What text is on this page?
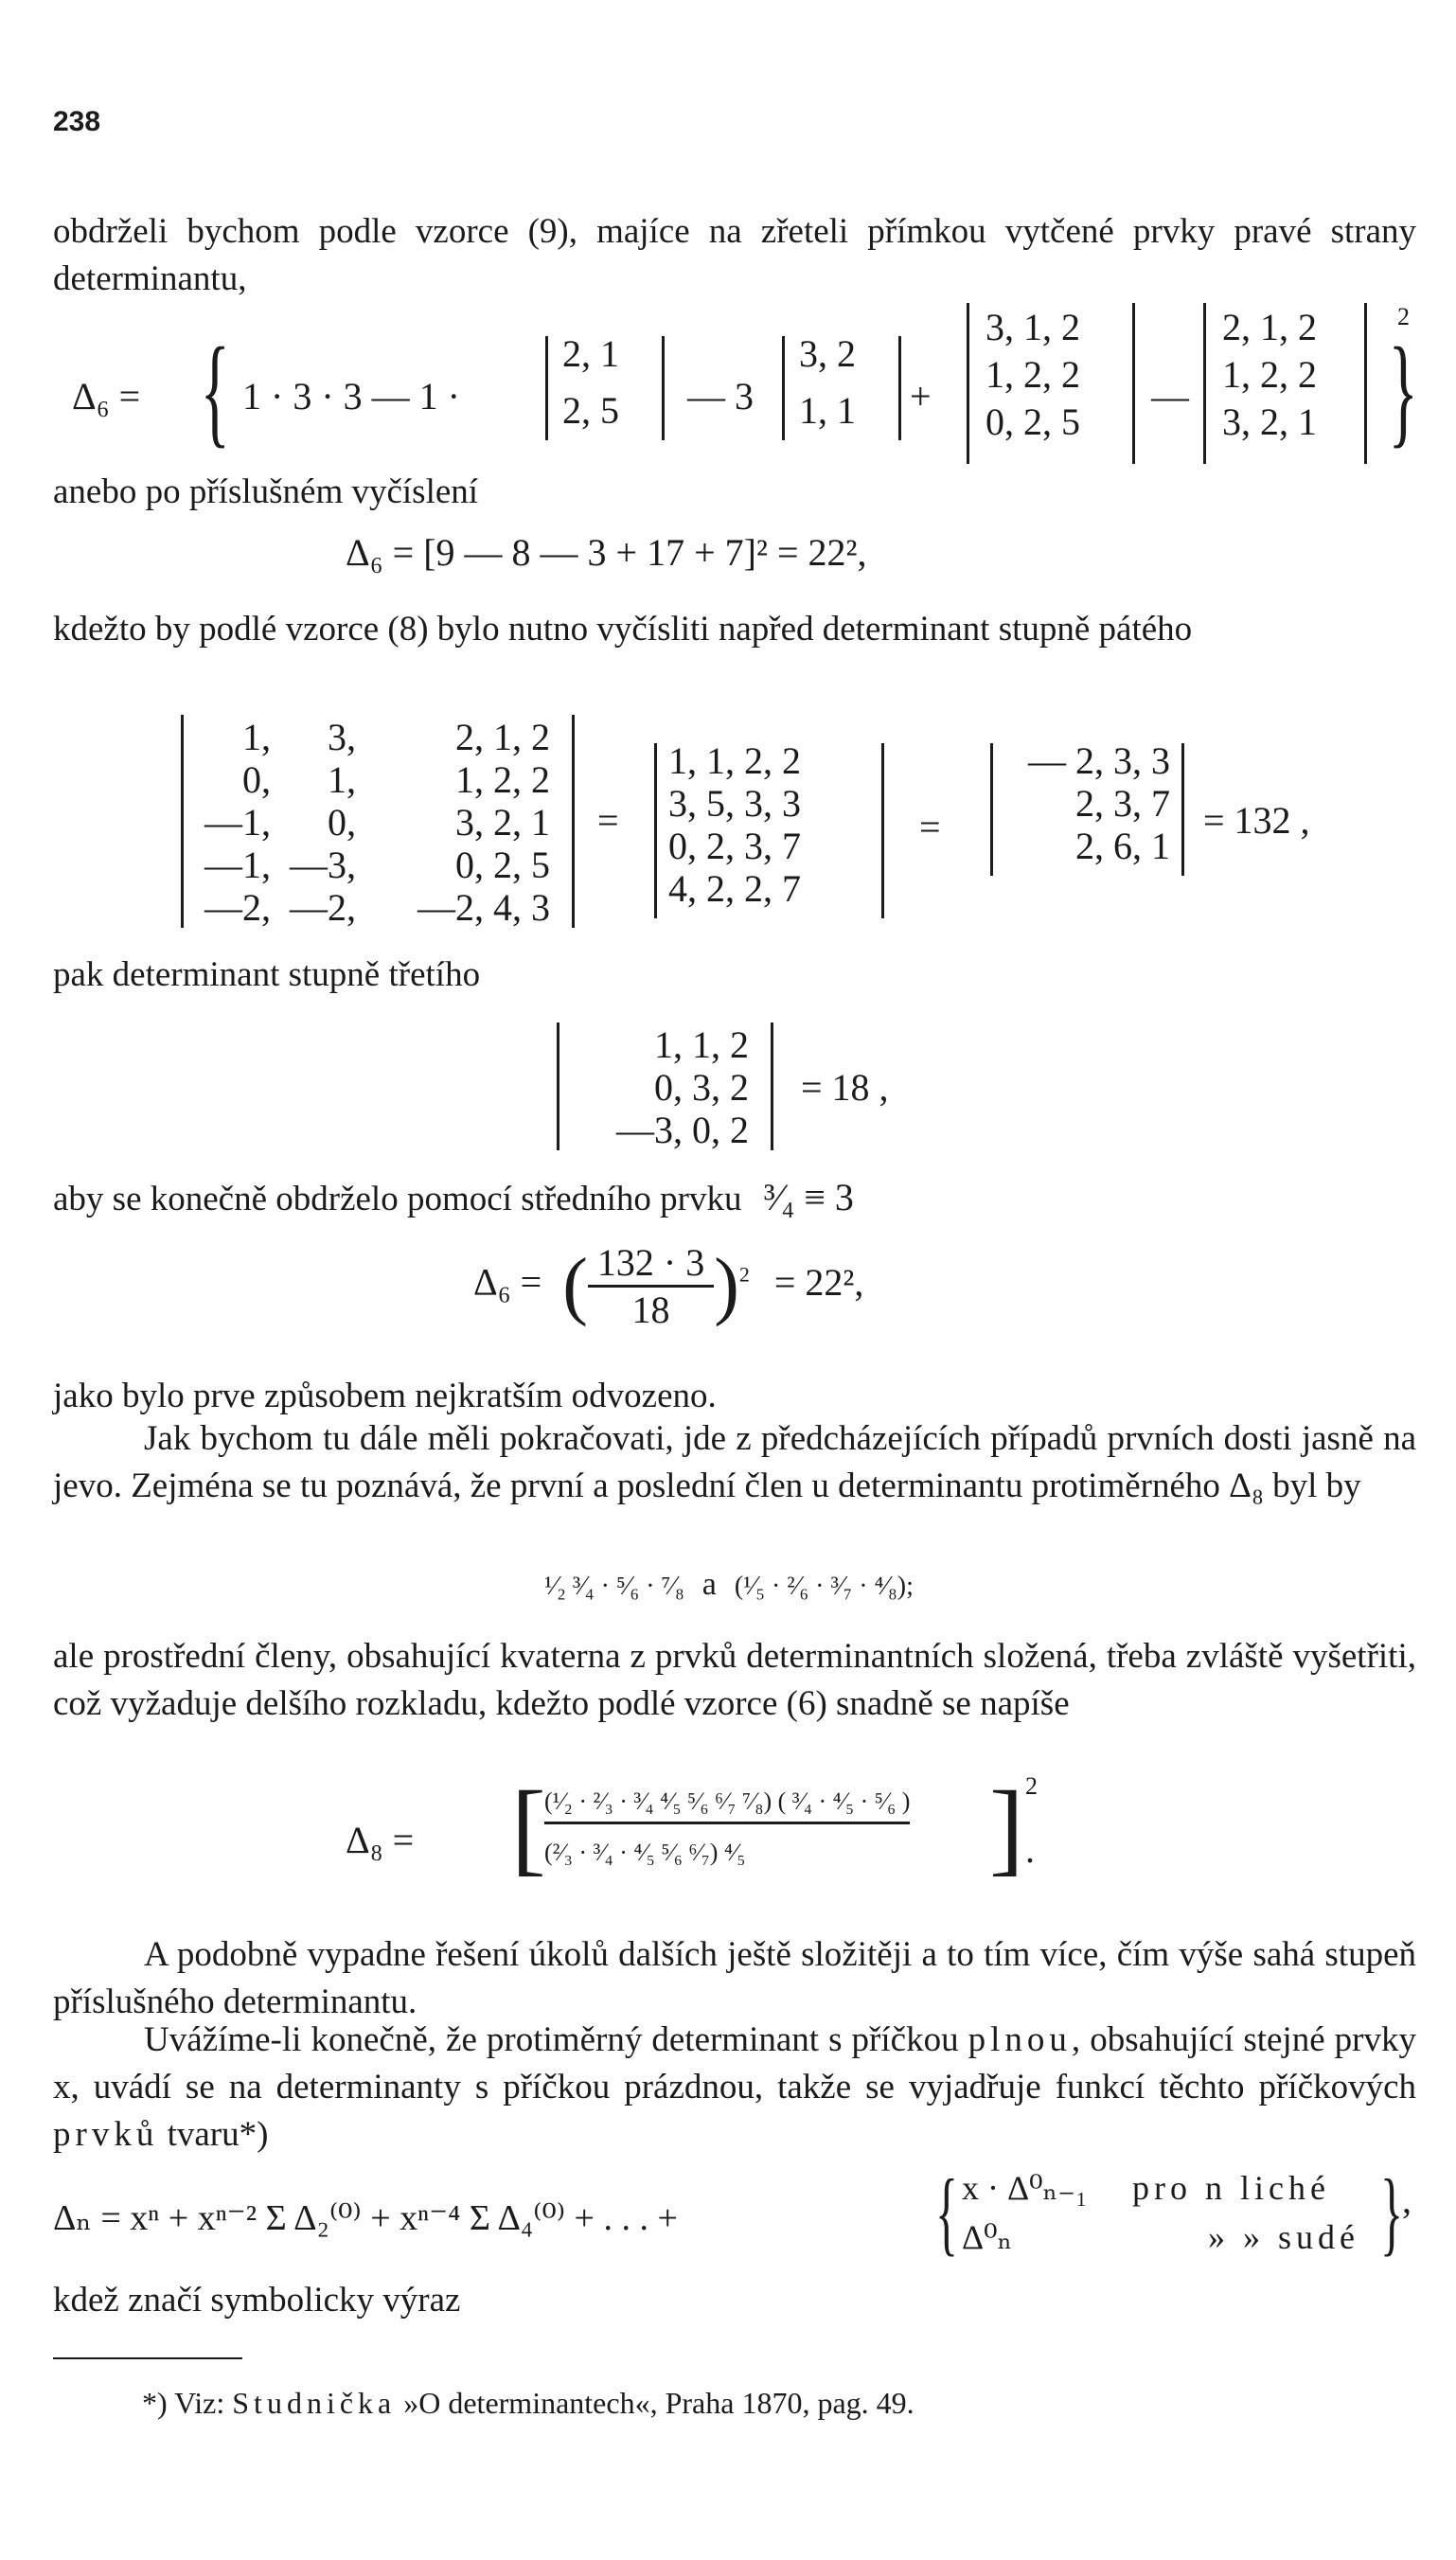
238
obdrželi bychom podle vzorce (9), majíce na zřeteli přímkou vytčené prvky pravé strany determinantu,
Δ₆ = { 1 · 3 · 3 — 1 ·
2, 1
2, 5 — 3
3, 2
1, 1 +
3, 1, 2
1, 2, 2
0, 2, 5
—
2, 1, 2
1, 2, 2
3, 2, 1 }
2
anebo po příslušném vyčíslení
Δ₆ = [9 — 8 — 3 + 17 + 7]² = 22²,
kdežto by podlé vzorce (8) bylo nutno vyčísliti napřed determinant stupně pátého
1,	3,	2, 1, 2
0,	1,	1, 2, 2
—1,	0,	3, 2, 1
—1, —3,	0, 2, 5
—2, —2,	—2, 4, 3
=
1, 1, 2, 2
3, 5, 3, 3
0, 2, 3, 7
4, 2, 2, 7
=
— 2, 3, 3
2, 3, 7
2, 6, 1
= 132 ,
pak determinant stupně třetího
1, 1, 2
0, 3, 2
—3, 0, 2
= 18 ,
aby se konečně obdrželo pomocí středního prvku ³⁄₄ ≡ 3
Δ₆ = ( $\frac{132 \cdot 3}{18} )^2 = 22^2$,
jako bylo prve způsobem nejkratším odvozeno.
Jak bychom tu dále měli pokračovati, jde z předcházejících případů prvních dosti jasně na jevo. Zejména se tu poznává, že první a poslední člen u determinantu protiměrného Δ₈ byl by
¹⁄₂ ³⁄₄ · ⁵⁄₆ · ⁷⁄₈ a (¹⁄₅ · ²⁄₆ · ³⁄₇ · ⁴⁄₈);
ale prostřední členy, obsahující kvaterna z prvků determinantních složená, třeba zvláště vyšetřiti, což vyžaduje delšího rozkladu, kdežto podlé vzorce (6) snadně se napíše
Δ₈ = [
(¹⁄₂ · ²⁄₃ · ³⁄₄ ⁴⁄₅ ⁵⁄₆ ⁶⁄₇ ⁷⁄₈) ( ³⁄₄ · ⁴⁄₅ · ⁵⁄₆ )
(²⁄₃ · ³⁄₄ · ⁴⁄₅ ⁵⁄₆ ⁶⁄₇) ⁴⁄₅ ] 2
.
A podobně vypadne řešení úkolů dalších ještě složitěji a to tím více, čím výše sahá stupeň příslušného determinantu.
Uvážíme-li konečně, že protiměrný determinant s příčkou plnou, obsahující stejné prvky x, uvádí se na determinanty s příčkou prázdnou, takže se vyjadřuje funkcí těchto příčkových prvků tvaru*)
Δₙ = xⁿ + xⁿ⁻² Σ Δ₂⁽⁰⁾ + xⁿ⁻⁴ Σ Δ₄⁽⁰⁾ + . . . +	{ x · Δ⁰ₙ₋₁ pro n liché
Δ⁰ₙ	» » sudé } ,
kdež značí symbolicky výraz
*) Viz: Studnička »O determinantech«, Praha 1870, pag. 49.
